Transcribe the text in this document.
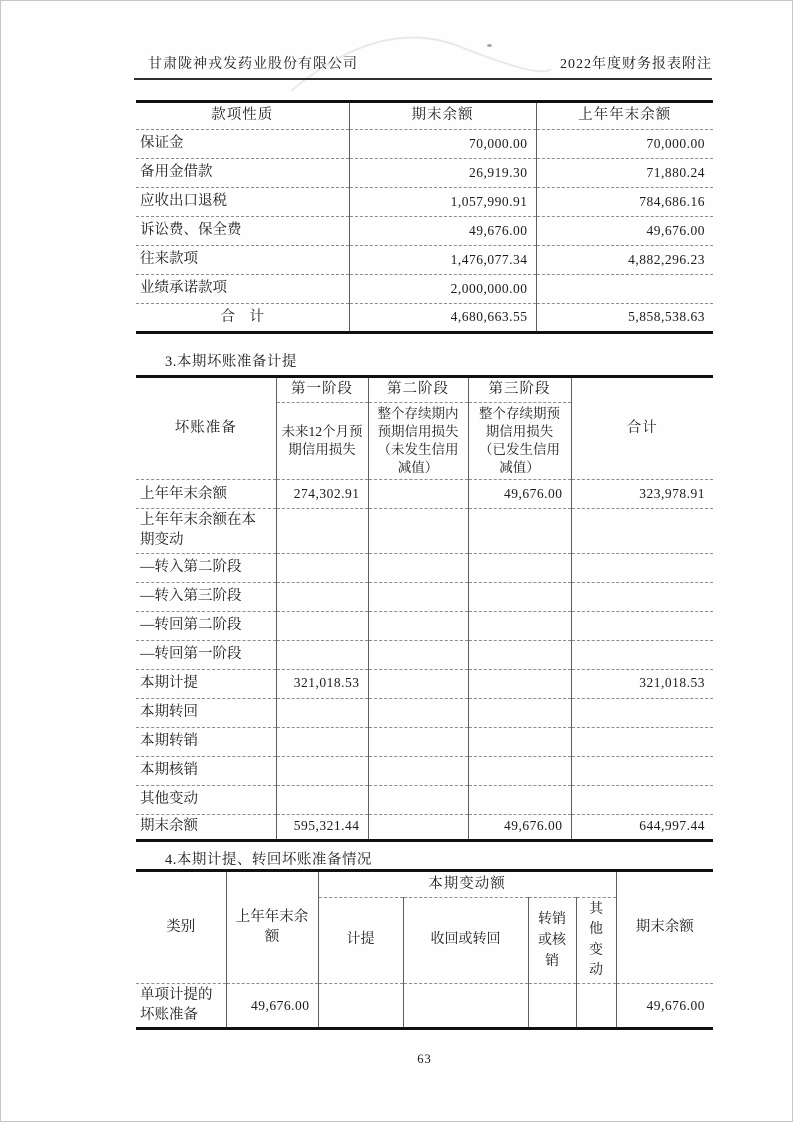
甘肃陇神戎发药业股份有限公司	2022年度财务报表附注
款项性质	期末余额	上年年末余额
保证金	70,000.00	70,000.00
备用金借款	26,919.30	71,880.24
应收出口退税	1,057,990.91	784,686.16
诉讼费、保全费	49,676.00	49,676.00
往来款项	1,476,077.34	4,882,296.23
业绩承诺款项	2,000,000.00	
合　计	4,680,663.55	5,858,538.63
3.本期坏账准备计提
坏账准备	第一阶段	第二阶段	第三阶段	合计
	未来12个月预期信用损失	整个存续期内预期信用损失（未发生信用减值）	整个存续期预期信用损失（已发生信用减值）	
上年年末余额	274,302.91		49,676.00	323,978.91
上年年末余额在本期变动				
—转入第二阶段				
—转入第三阶段				
—转回第二阶段				
—转回第一阶段				
本期计提	321,018.53			321,018.53
本期转回				
本期转销				
本期核销				
其他变动				
期末余额	595,321.44		49,676.00	644,997.44
4.本期计提、转回坏账准备情况
类别	上年年末余额	本期变动额				期末余额
		计提	收回或转回	转销或核销	其他变动	
单项计提的坏账准备	49,676.00					49,676.00
63
